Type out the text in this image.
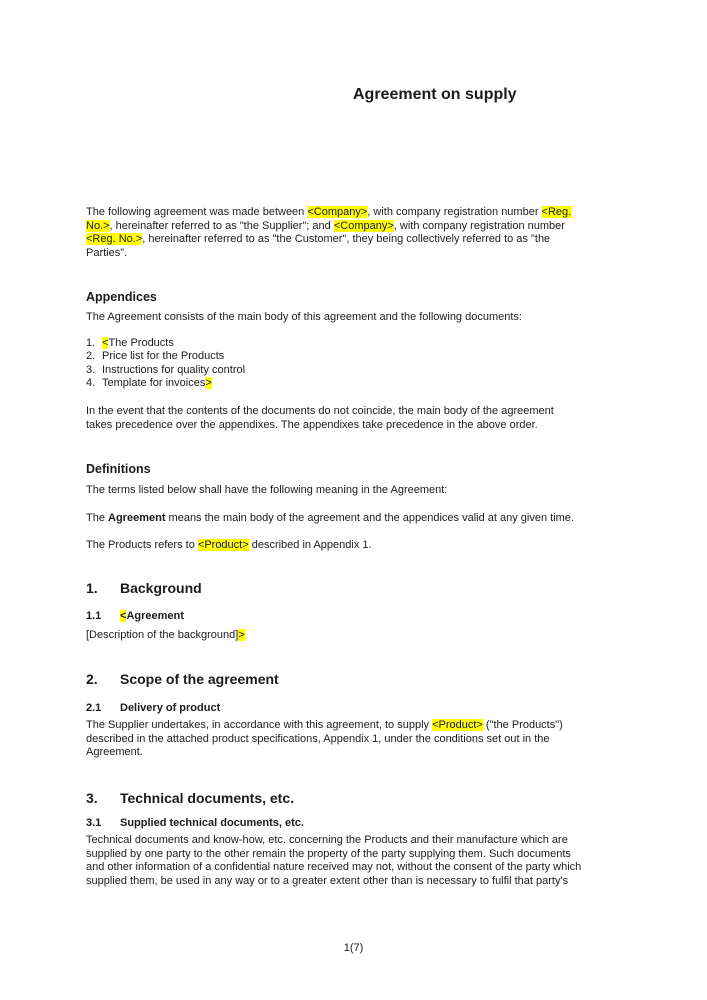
Agreement on supply

The following agreement was made between <Company>, with company registration number <Reg.
No.>, hereinafter referred to as "the Supplier"; and <Company>, with company registration number
<Reg. No.>, hereinafter referred to as "the Customer", they being collectively referred to as "the
Parties".

Appendices

The Agreement consists of the main body of this agreement and the following documents:

1. <The Products
2. Price list for the Products
3. Instructions for quality control
4. Template for invoices>

In the event that the contents of the documents do not coincide, the main body of the agreement
takes precedence over the appendixes. The appendixes take precedence in the above order.

Definitions

The terms listed below shall have the following meaning in the Agreement:

The Agreement means the main body of the agreement and the appendices valid at any given time.

The Products refers to <Product> described in Appendix 1.

1. Background
1.1 <Agreement

[Description of the background]>

2. Scope of the agreement
2.1 Delivery of product

The Supplier undertakes, in accordance with this agreement, to supply <Product> ("the Products")
described in the attached product specifications, Appendix 1, under the conditions set out in the
Agreement.

3. Technical documents, etc.
3.1 Supplied technical documents, etc.

Technical documents and know-how, etc. concerning the Products and their manufacture which are
supplied by one party to the other remain the property of the party supplying them. Such documents
and other information of a confidential nature received may not, without the consent of the party which
supplied them, be used in any way or to a greater extent other than is necessary to fulfil that party's

1(7)
